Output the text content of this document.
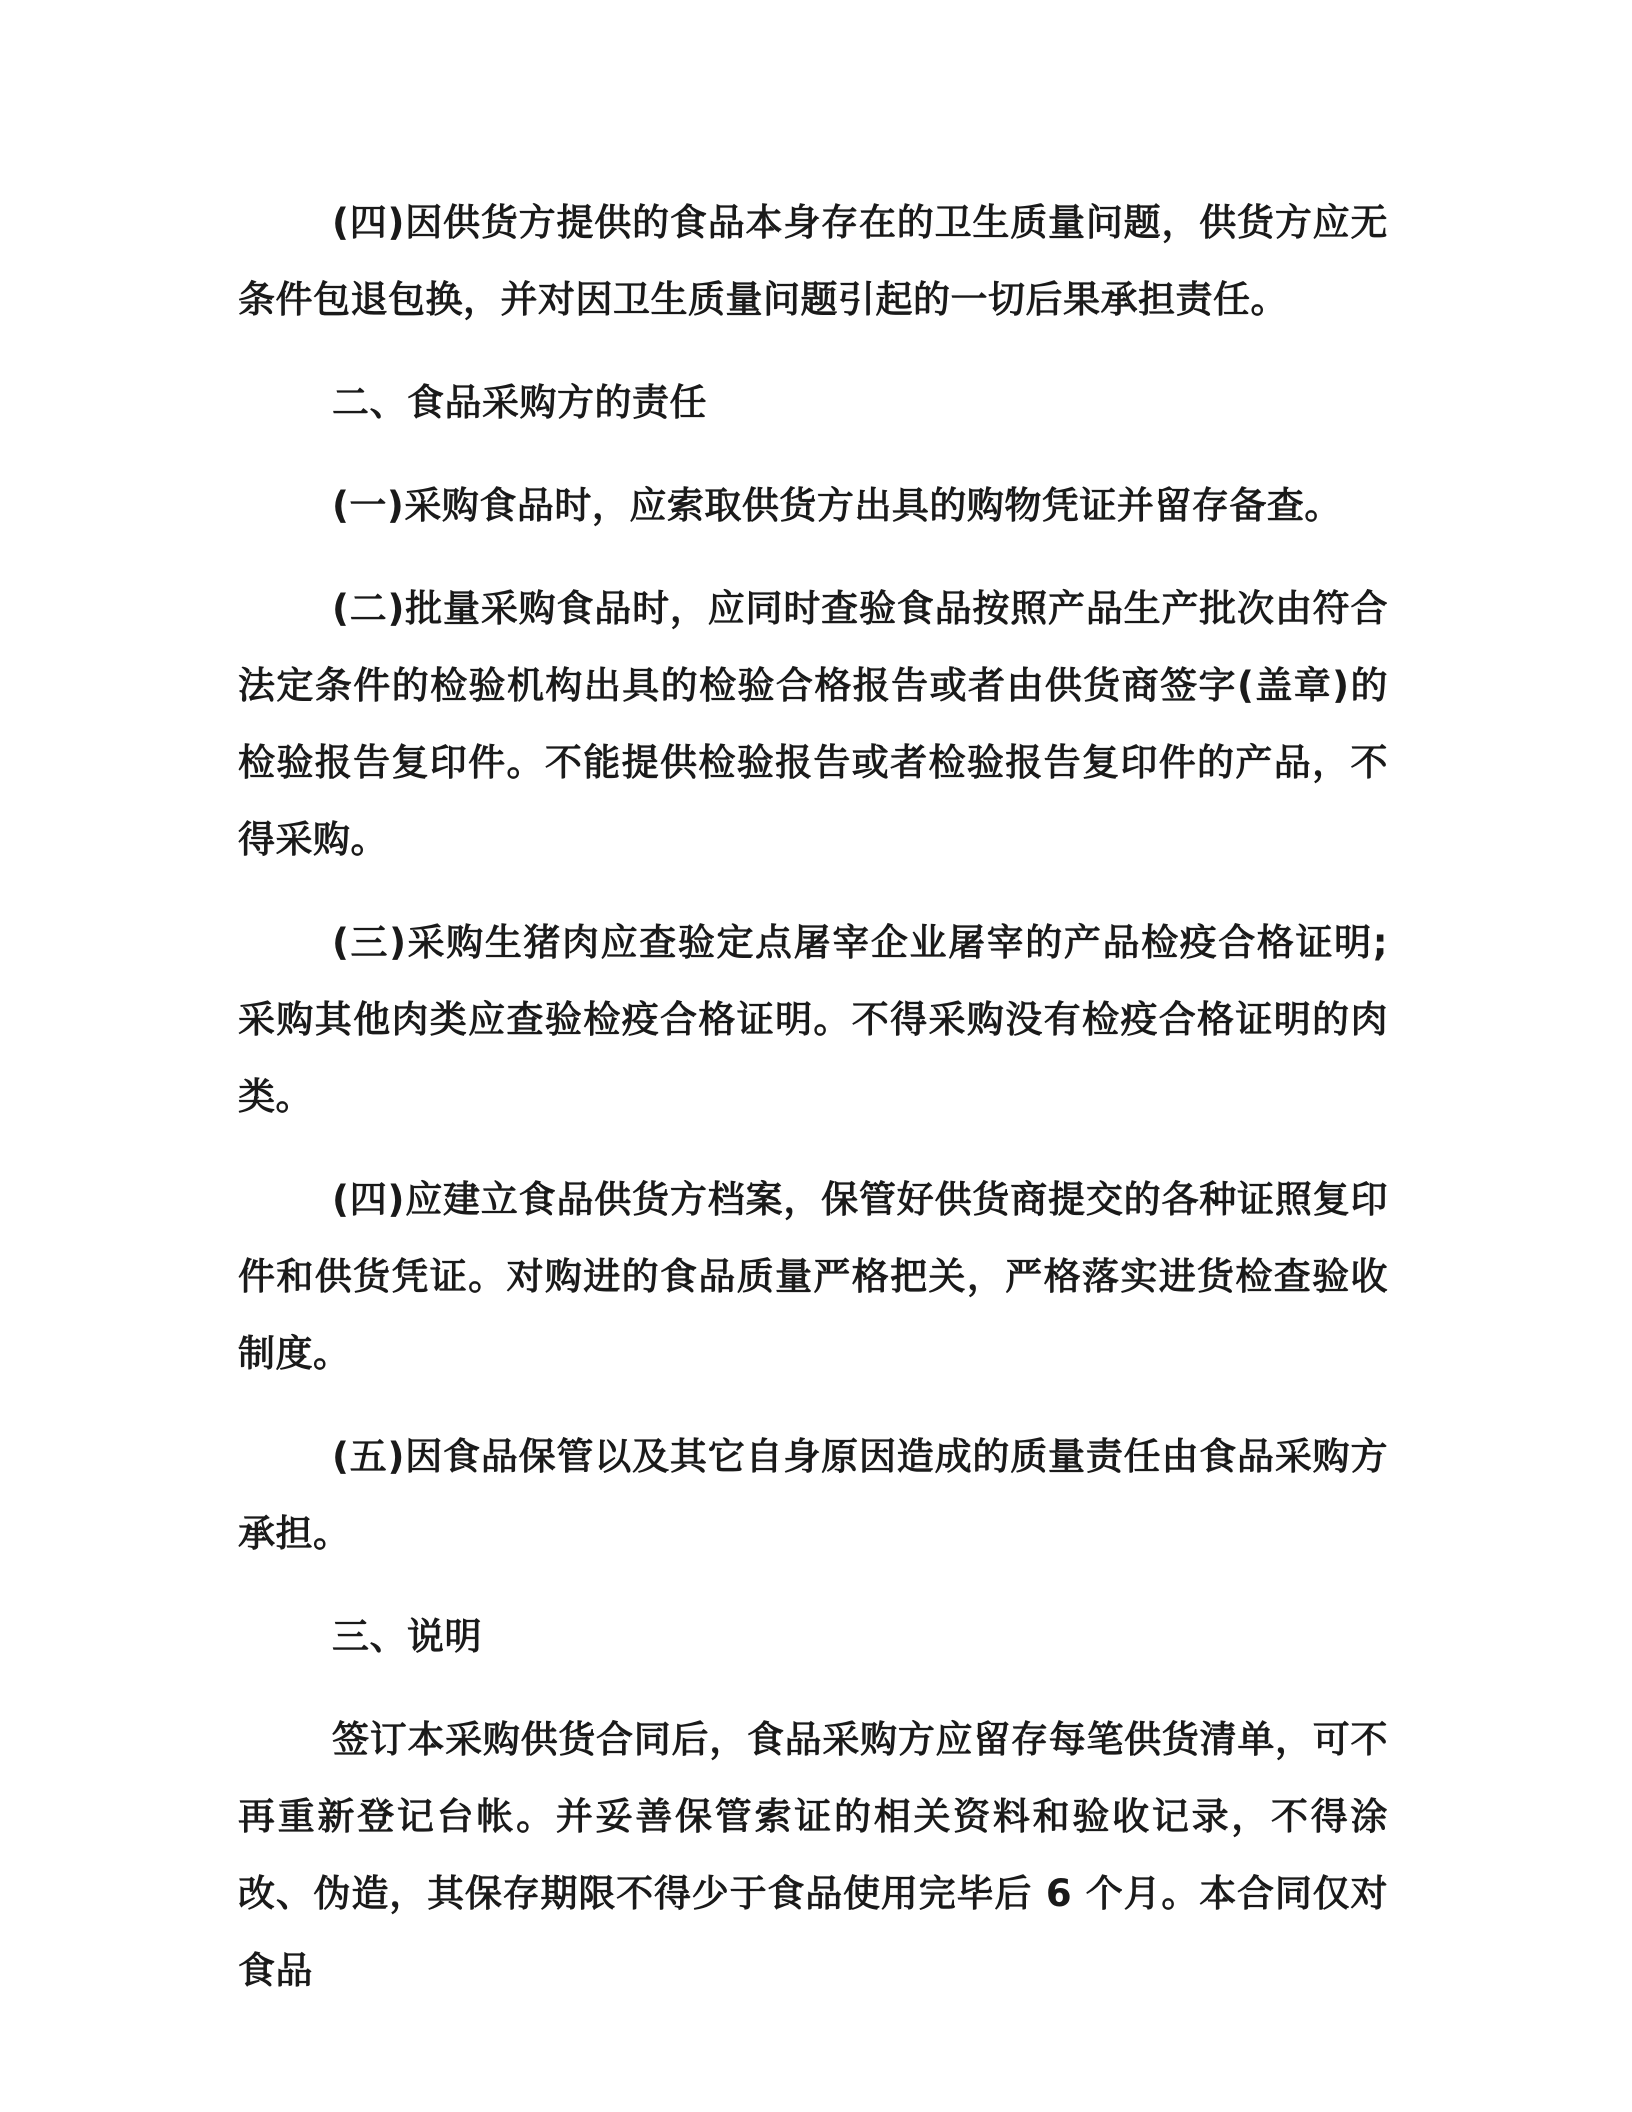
(四)因供货方提供的食品本身存在的卫生质量问题，供货方应无条件包退包换，并对因卫生质量问题引起的一切后果承担责任。

二、食品采购方的责任

(一)采购食品时，应索取供货方出具的购物凭证并留存备查。

(二)批量采购食品时，应同时查验食品按照产品生产批次由符合法定条件的检验机构出具的检验合格报告或者由供货商签字(盖章)的检验报告复印件。不能提供检验报告或者检验报告复印件的产品，不得采购。

(三)采购生猪肉应查验定点屠宰企业屠宰的产品检疫合格证明;采购其他肉类应查验检疫合格证明。不得采购没有检疫合格证明的肉类。

(四)应建立食品供货方档案，保管好供货商提交的各种证照复印件和供货凭证。对购进的食品质量严格把关，严格落实进货检查验收制度。

(五)因食品保管以及其它自身原因造成的质量责任由食品采购方承担。

三、说明

签订本采购供货合同后，食品采购方应留存每笔供货清单，可不再重新登记台帐。并妥善保管索证的相关资料和验收记录，不得涂改、伪造，其保存期限不得少于食品使用完毕后 6 个月。本合同仅对食品
